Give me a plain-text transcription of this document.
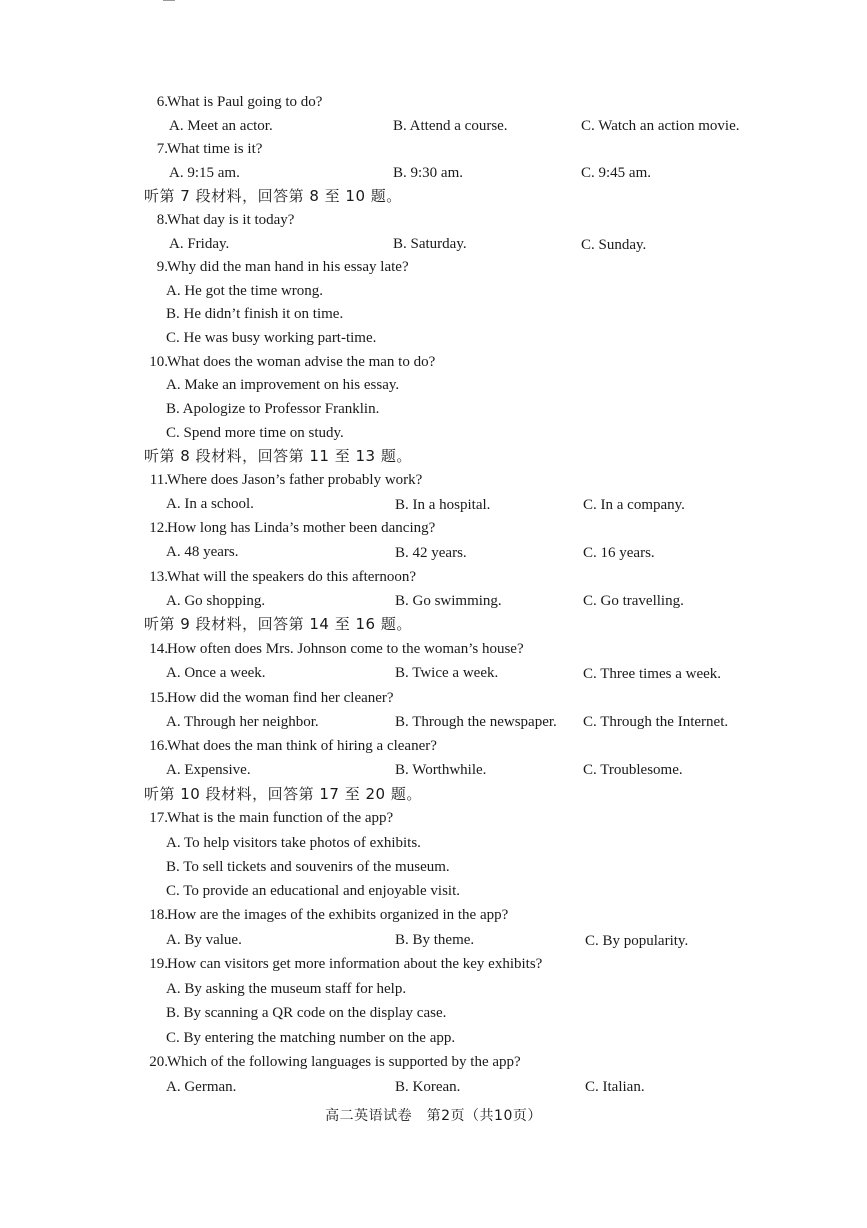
6. What is Paul going to do?
A. Meet an actor.	B. Attend a course.	C. Watch an action movie.
7. What time is it?
A. 9:15 am.	B. 9:30 am.	C. 9:45 am.
听第 7 段材料，回答第 8 至 10 题。
8. What day is it today?
A. Friday.	B. Saturday.	C. Sunday.
9. Why did the man hand in his essay late?
A. He got the time wrong.
B. He didn’t finish it on time.
C. He was busy working part-time.
10. What does the woman advise the man to do?
A. Make an improvement on his essay.
B. Apologize to Professor Franklin.
C. Spend more time on study.
听第 8 段材料，回答第 11 至 13 题。
11. Where does Jason’s father probably work?
A. In a school.	B. In a hospital.	C. In a company.
12. How long has Linda’s mother been dancing?
A. 48 years.	B. 42 years.	C. 16 years.
13. What will the speakers do this afternoon?
A. Go shopping.	B. Go swimming.	C. Go travelling.
听第 9 段材料，回答第 14 至 16 题。
14. How often does Mrs. Johnson come to the woman’s house?
A. Once a week.	B. Twice a week.	C. Three times a week.
15. How did the woman find her cleaner?
A. Through her neighbor.	B. Through the newspaper. C. Through the Internet.
16. What does the man think of hiring a cleaner?
A. Expensive.	B. Worthwhile.	C. Troublesome.
听第 10 段材料，回答第 17 至 20 题。
17. What is the main function of the app?
A. To help visitors take photos of exhibits.
B. To sell tickets and souvenirs of the museum.
C. To provide an educational and enjoyable visit.
18. How are the images of the exhibits organized in the app?
A. By value.	B. By theme.	C. By popularity.
19. How can visitors get more information about the key exhibits?
A. By asking the museum staff for help.
B. By scanning a QR code on the display case.
C. By entering the matching number on the app.
20. Which of the following languages is supported by the app?
A. German.	B. Korean.	C. Italian.
高二英语试卷　第2页（共10页）
